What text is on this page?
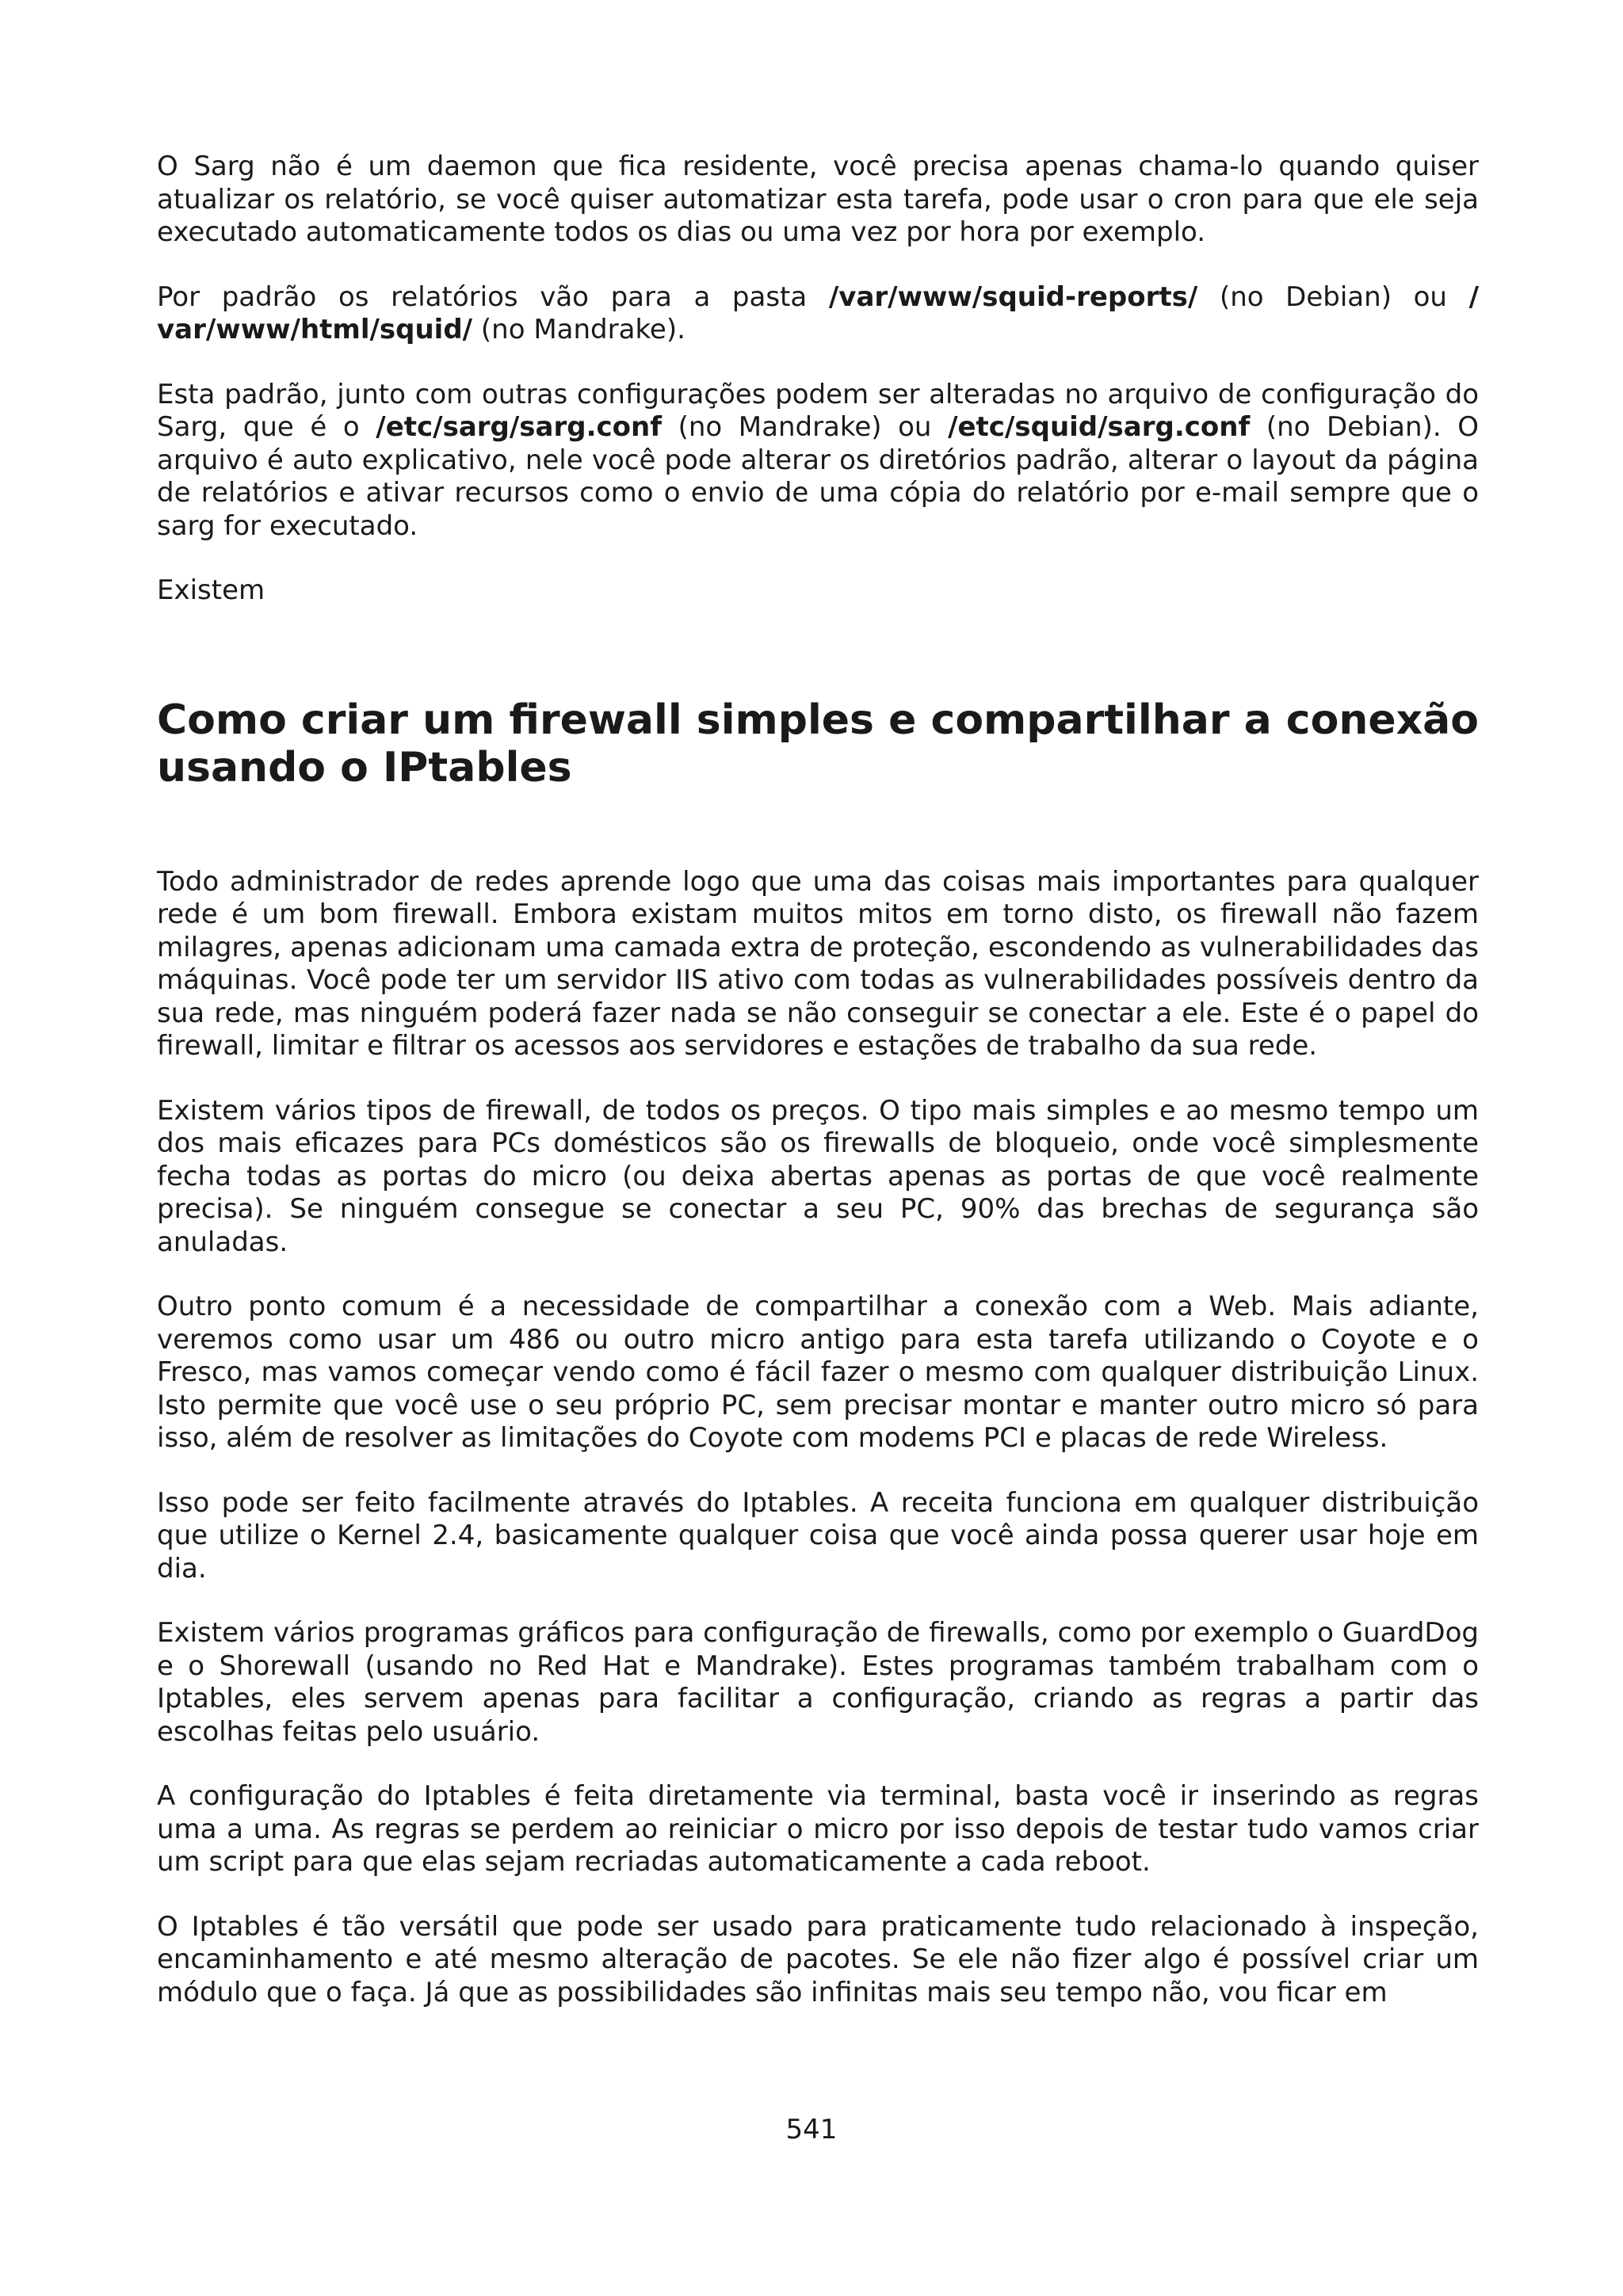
O Sarg não é um daemon que fica residente, você precisa apenas chama-lo quando quiser atualizar os relatório, se você quiser automatizar esta tarefa, pode usar o cron para que ele seja executado automaticamente todos os dias ou uma vez por hora por exemplo.

Por padrão os relatórios vão para a pasta /var/www/squid-reports/ (no Debian) ou / var/www/html/squid/ (no Mandrake).

Esta padrão, junto com outras configurações podem ser alteradas no arquivo de configuração do Sarg, que é o /etc/sarg/sarg.conf (no Mandrake) ou /etc/squid/sarg.conf (no Debian). O arquivo é auto explicativo, nele você pode alterar os diretórios padrão, alterar o layout da página de relatórios e ativar recursos como o envio de uma cópia do relatório por e-mail sempre que o sarg for executado.

Existem

Como criar um firewall simples e compartilhar a conexão usando o IPtables

Todo administrador de redes aprende logo que uma das coisas mais importantes para qualquer rede é um bom firewall. Embora existam muitos mitos em torno disto, os firewall não fazem milagres, apenas adicionam uma camada extra de proteção, escondendo as vulnerabilidades das máquinas. Você pode ter um servidor IIS ativo com todas as vulnerabilidades possíveis dentro da sua rede, mas ninguém poderá fazer nada se não conseguir se conectar a ele. Este é o papel do firewall, limitar e filtrar os acessos aos servidores e estações de trabalho da sua rede.

Existem vários tipos de firewall, de todos os preços. O tipo mais simples e ao mesmo tempo um dos mais eficazes para PCs domésticos são os firewalls de bloqueio, onde você simplesmente fecha todas as portas do micro (ou deixa abertas apenas as portas de que você realmente precisa). Se ninguém consegue se conectar a seu PC, 90% das brechas de segurança são anuladas.

Outro ponto comum é a necessidade de compartilhar a conexão com a Web. Mais adiante, veremos como usar um 486 ou outro micro antigo para esta tarefa utilizando o Coyote e o Fresco, mas vamos começar vendo como é fácil fazer o mesmo com qualquer distribuição Linux. Isto permite que você use o seu próprio PC, sem precisar montar e manter outro micro só para isso, além de resolver as limitações do Coyote com modems PCI e placas de rede Wireless.

Isso pode ser feito facilmente através do Iptables. A receita funciona em qualquer distribuição que utilize o Kernel 2.4, basicamente qualquer coisa que você ainda possa querer usar hoje em dia.

Existem vários programas gráficos para configuração de firewalls, como por exemplo o GuardDog e o Shorewall (usando no Red Hat e Mandrake). Estes programas também trabalham com o Iptables, eles servem apenas para facilitar a configuração, criando as regras a partir das escolhas feitas pelo usuário.

A configuração do Iptables é feita diretamente via terminal, basta você ir inserindo as regras uma a uma. As regras se perdem ao reiniciar o micro por isso depois de testar tudo vamos criar um script para que elas sejam recriadas automaticamente a cada reboot.

O Iptables é tão versátil que pode ser usado para praticamente tudo relacionado à inspeção, encaminhamento e até mesmo alteração de pacotes. Se ele não fizer algo é possível criar um módulo que o faça. Já que as possibilidades são infinitas mais seu tempo não, vou ficar em

541
